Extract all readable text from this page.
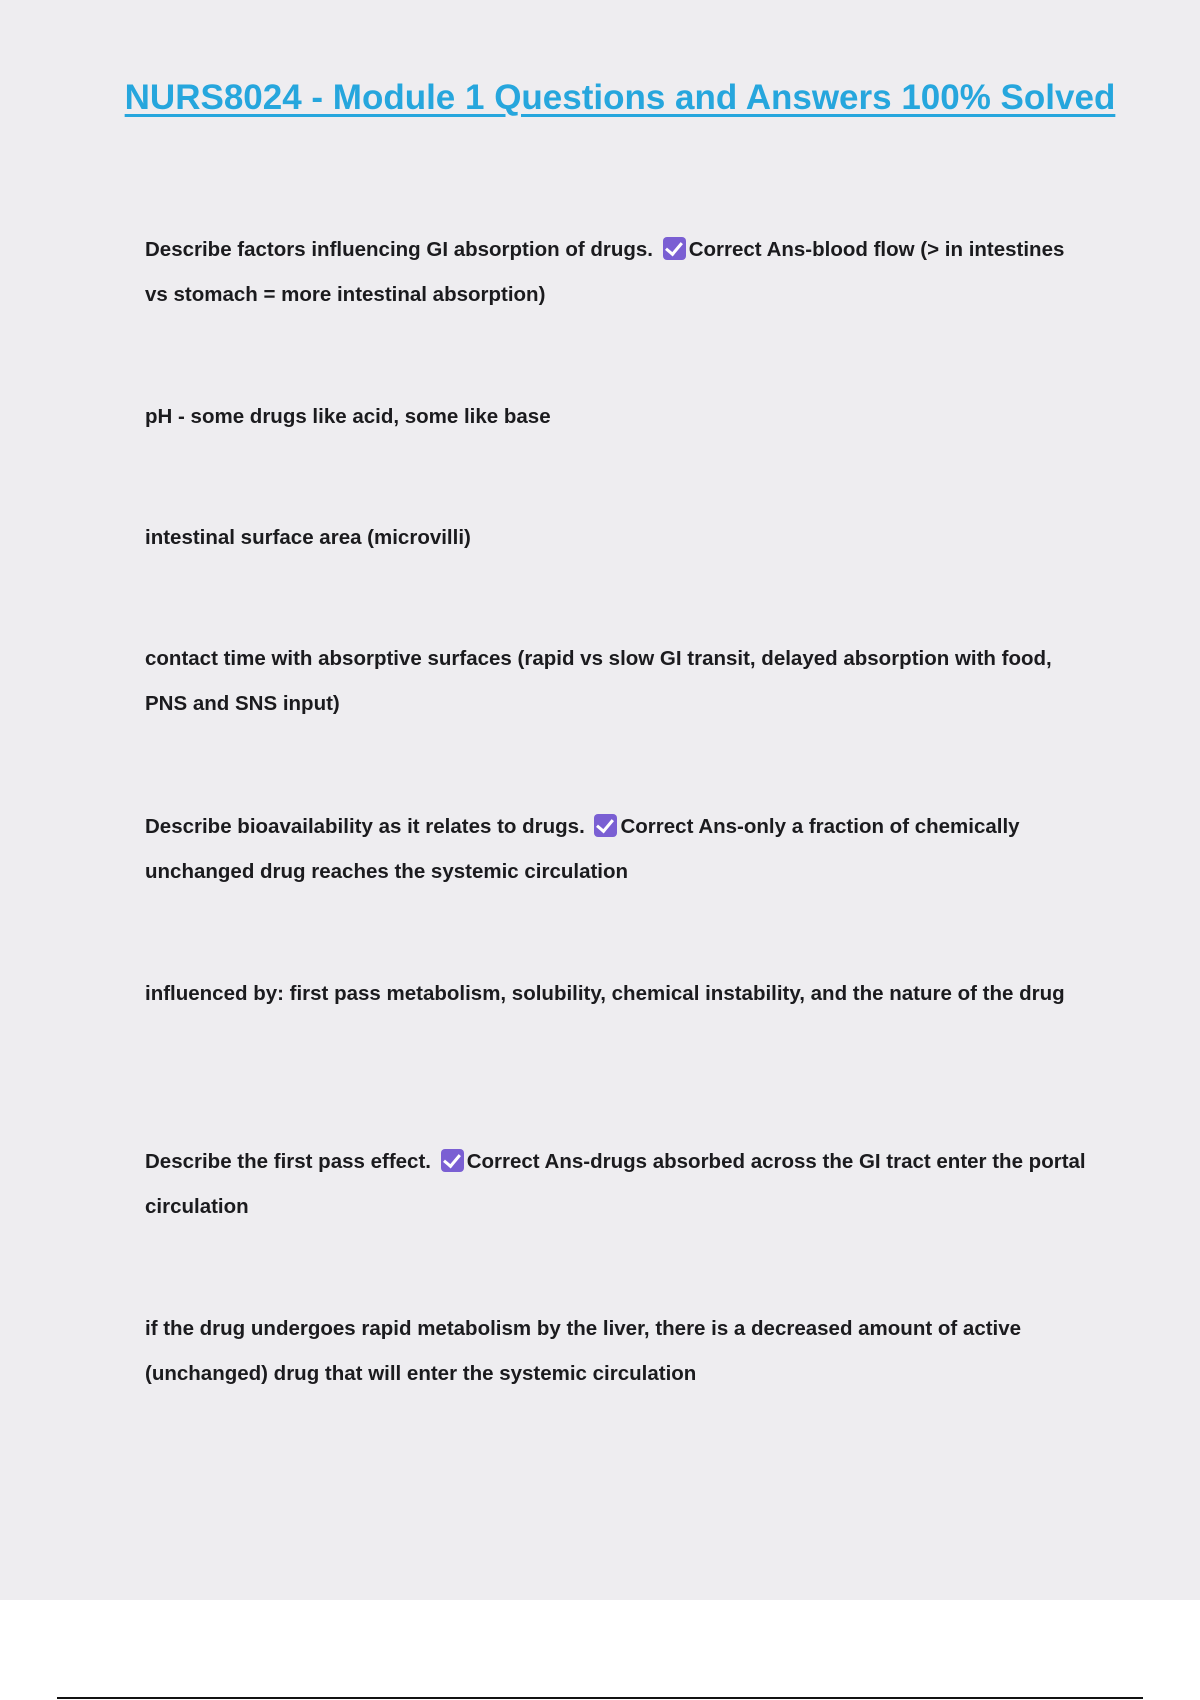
NURS8024 - Module 1 Questions and Answers 100% Solved

Describe factors influencing GI absorption of drugs. Correct Ans-blood flow (> in intestines vs stomach = more intestinal absorption)

pH - some drugs like acid, some like base

intestinal surface area (microvilli)

contact time with absorptive surfaces (rapid vs slow GI transit, delayed absorption with food, PNS and SNS input)

Describe bioavailability as it relates to drugs. Correct Ans-only a fraction of chemically unchanged drug reaches the systemic circulation

influenced by: first pass metabolism, solubility, chemical instability, and the nature of the drug

Describe the first pass effect. Correct Ans-drugs absorbed across the GI tract enter the portal circulation

if the drug undergoes rapid metabolism by the liver, there is a decreased amount of active (unchanged) drug that will enter the systemic circulation
